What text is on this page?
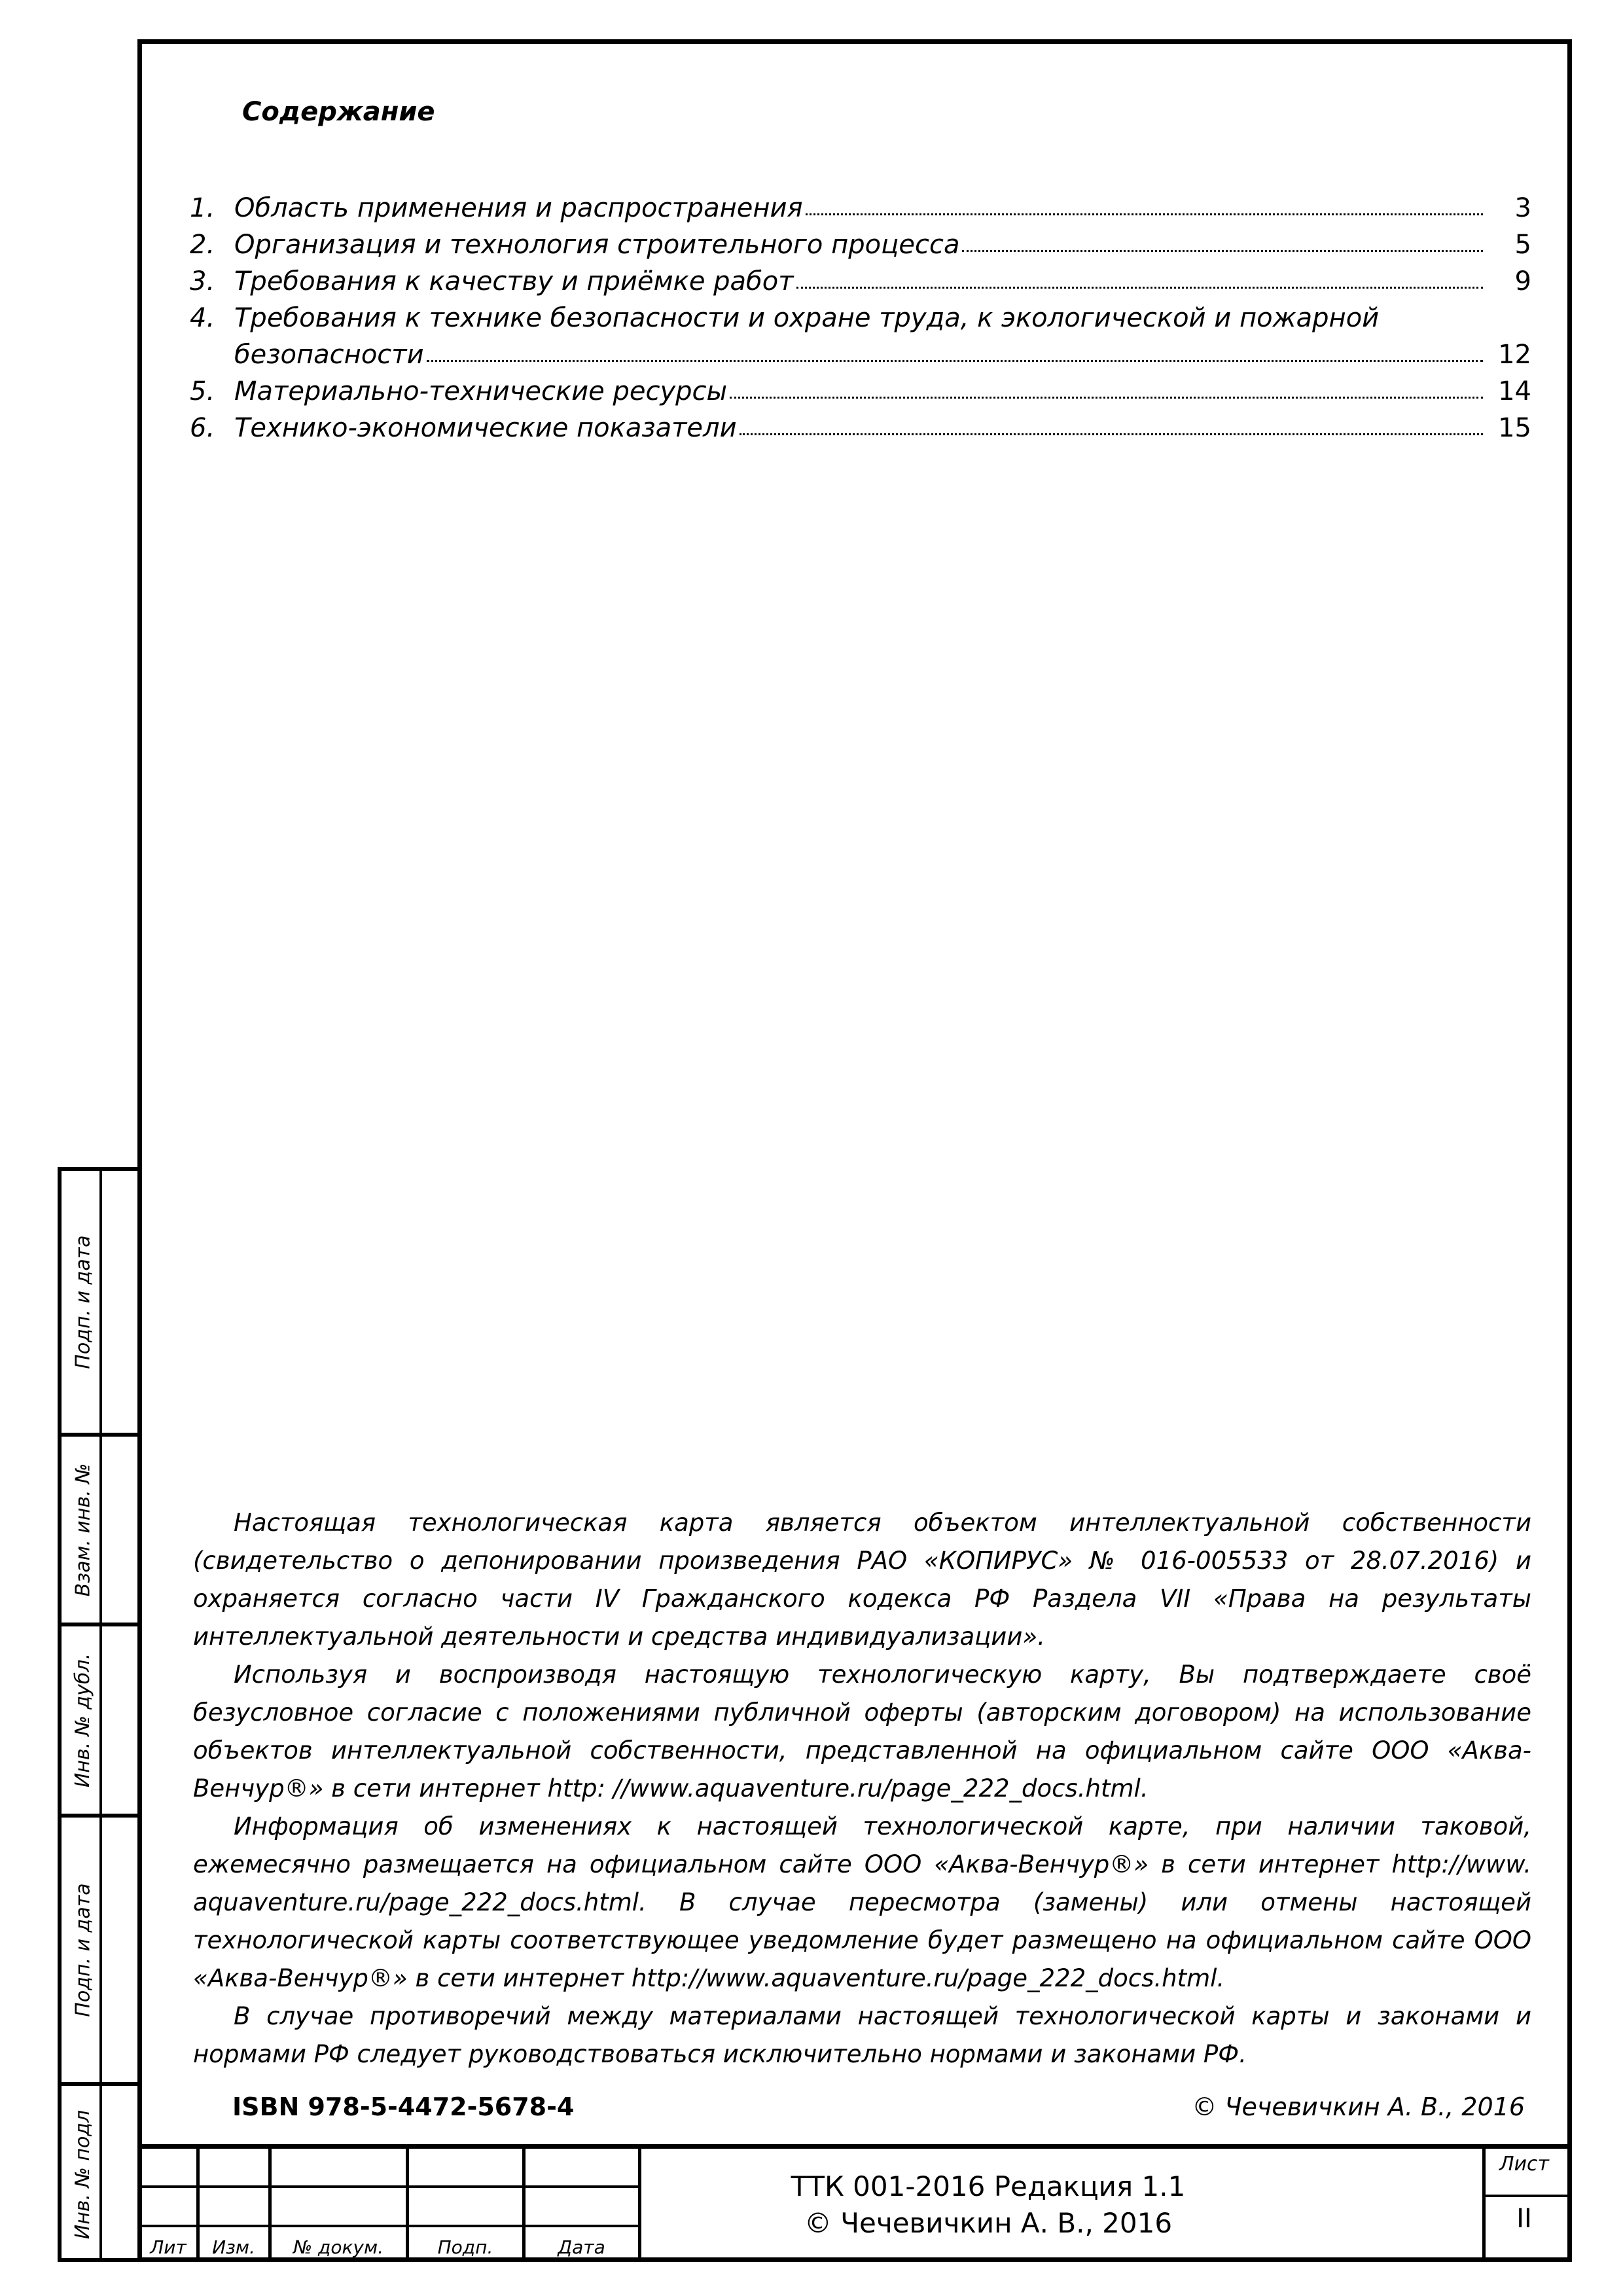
Содержание
1. Область применения и распространения	3
2. Организация и технология строительного процесса	5
3. Требования к качеству и приёмке работ	9
4. Требования к технике безопасности и охране труда, к экологической и пожарной
безопасности	12
5. Материально-технические ресурсы	14
6. Технико-экономические показатели	15

Настоящая технологическая карта является объектом интеллектуальной собственности (свидетельство о депонировании произведения РАО «КОПИРУС» № 016-005533 от 28.07.2016) и охраняется согласно части IV Гражданского кодекса РФ Раздела VII «Права на результаты интеллектуальной деятельности и средства индивидуализации».

Используя и воспроизводя настоящую технологическую карту, Вы подтверждаете своё безусловное согласие с положениями публичной оферты (авторским договором) на использование объектов интеллектуальной собственности, представленной на официальном сайте ООО «Аква-Венчур®» в сети интернет http: //www.aquaventure.ru/page_222_docs.html.

Информация об изменениях к настоящей технологической карте, при наличии таковой, ежемесячно размещается на официальном сайте ООО «Аква-Венчур®» в сети интернет http://www. aquaventure.ru/page_222_docs.html. В случае пересмотра (замены) или отмены настоящей технологической карты соответствующее уведомление будет размещено на официальном сайте ООО «Аква-Венчур®» в сети интернет http://www.aquaventure.ru/page_222_docs.html.

В случае противоречий между материалами настоящей технологической карты и законами и нормами РФ следует руководствоваться исключительно нормами и законами РФ.

ISBN 978-5-4472-5678-4	© Чечевичкин А. В., 2016
Подп. и дата
Взам. инв. №
Инв. № дубл.
Подп. и дата
Инв. № подл
Лит	Изм.	№ докум.	Подп.	Дата
ТТК 001-2016 Редакция 1.1
© Чечевичкин А. В., 2016
Лист
II
